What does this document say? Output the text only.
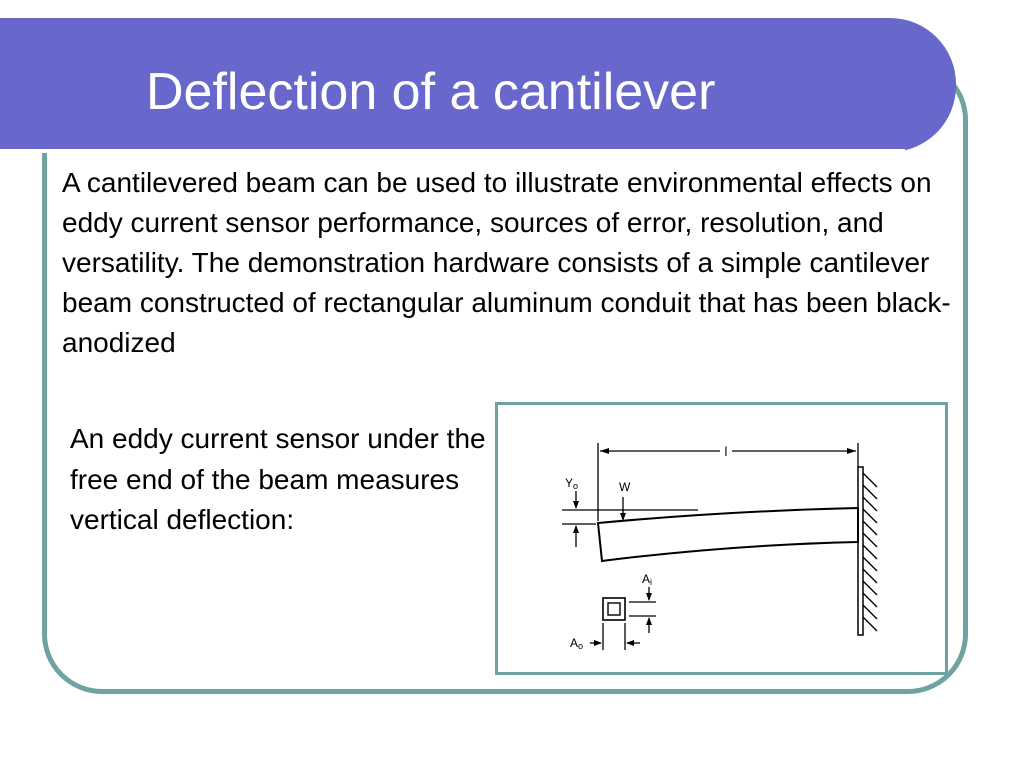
Deflection of a cantilever

A cantilevered beam can be used to illustrate environmental effects on eddy current sensor performance, sources of error, resolution, and versatility. The demonstration hardware consists of a simple cantilever beam constructed of rectangular aluminum conduit that has been black-anodized

An eddy current sensor under the free end of the beam measures vertical deflection:

l
Yo	W
Ai
Ao
